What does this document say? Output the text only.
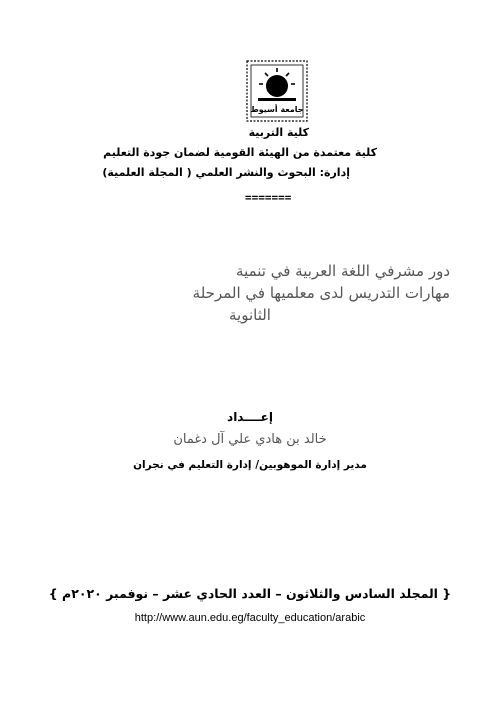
جامعة أسيوط
كلية التربية
كلية معتمدة من الهيئة القومية لضمان جودة التعليم
إدارة: البحوث والنشر العلمي ( المجلة العلمية)
=======
دور مشرفي اللغة العربية في تنمية
مهارات التدريس لدى معلميها في المرحلة
الثانوية
إعــــداد
خالد بن هادي علي آل دغمان
مدير إدارة الموهوبين/ إدارة التعليم في نجران
{ المجلد السادس والثلاثون – العدد الحادي عشر – نوفمبر ٢٠٢٠م }
http://www.aun.edu.eg/faculty_education/arabic
